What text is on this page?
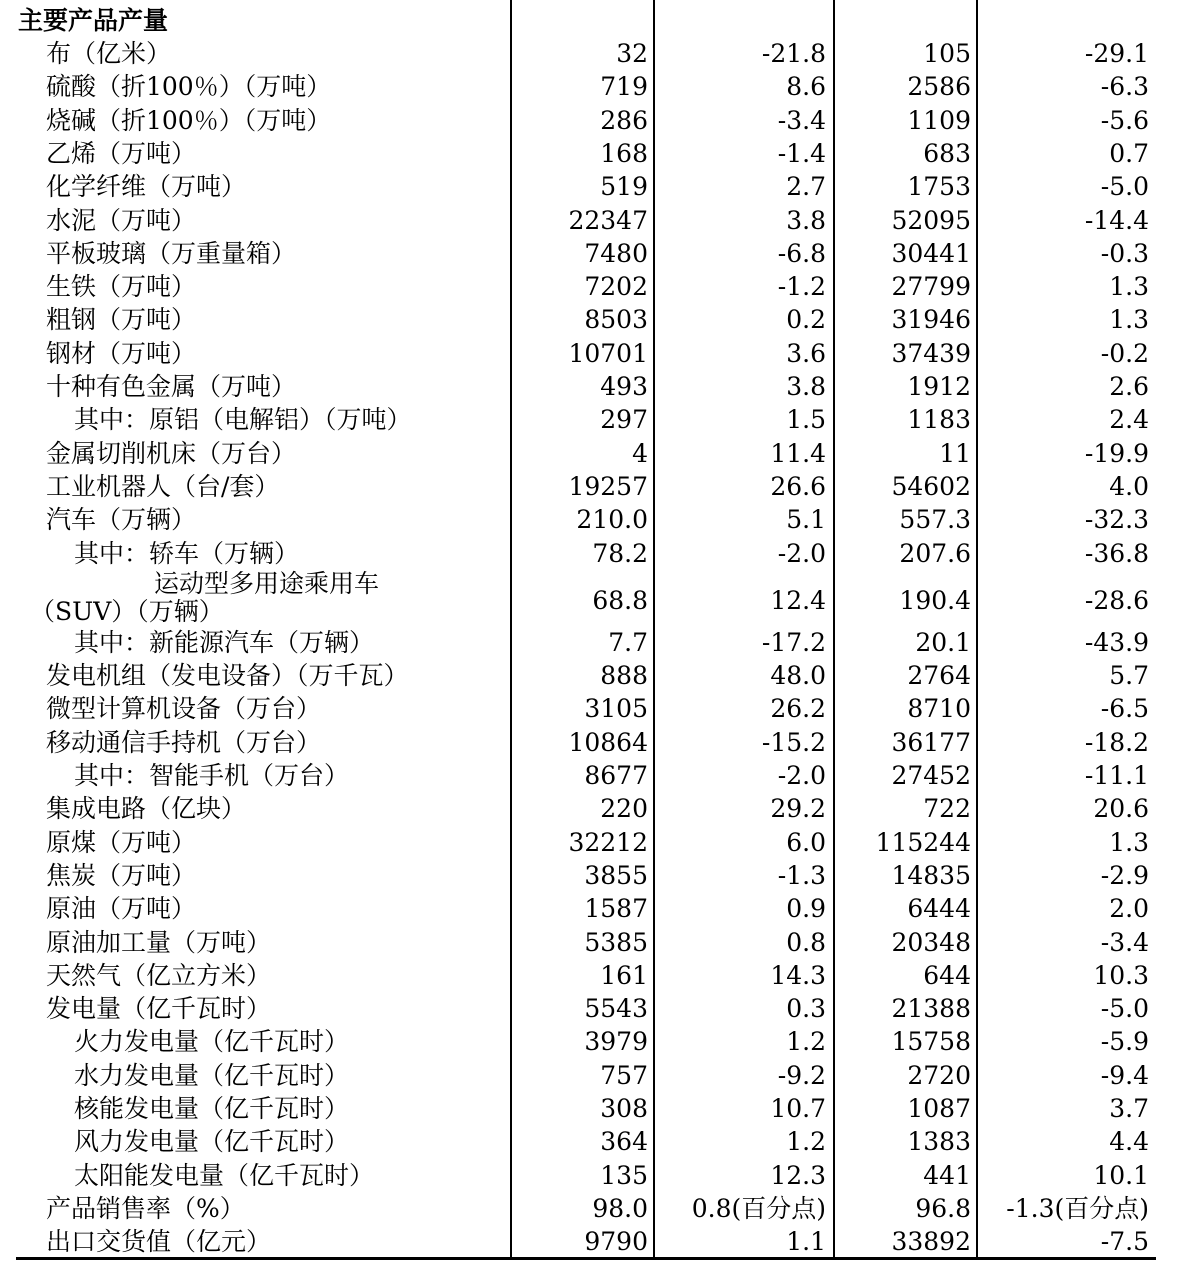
主要产品产量
布（亿米）	32	-21.8	105	-29.1
硫酸（折100％）（万吨）	719	8.6	2586	-6.3
烧碱（折100％）（万吨）	286	-3.4	1109	-5.6
乙烯（万吨）	168	-1.4	683	0.7
化学纤维（万吨）	519	2.7	1753	-5.0
水泥（万吨）	22347	3.8	52095	-14.4
平板玻璃（万重量箱）	7480	-6.8	30441	-0.3
生铁（万吨）	7202	-1.2	27799	1.3
粗钢（万吨）	8503	0.2	31946	1.3
钢材（万吨）	10701	3.6	37439	-0.2
十种有色金属（万吨）	493	3.8	1912	2.6
其中：原铝（电解铝）（万吨）	297	1.5	1183	2.4
金属切削机床（万台）	4	11.4	11	-19.9
工业机器人（台/套）	19257	26.6	54602	4.0
汽车（万辆）	210.0	5.1	557.3	-32.3
其中：轿车（万辆）	78.2	-2.0	207.6	-36.8
运动型多用途乘用车
（SUV）（万辆）	68.8	12.4	190.4	-28.6
其中：新能源汽车（万辆）	7.7	-17.2	20.1	-43.9
发电机组（发电设备）（万千瓦）	888	48.0	2764	5.7
微型计算机设备（万台）	3105	26.2	8710	-6.5
移动通信手持机（万台）	10864	-15.2	36177	-18.2
其中：智能手机（万台）	8677	-2.0	27452	-11.1
集成电路（亿块）	220	29.2	722	20.6
原煤（万吨）	32212	6.0	115244	1.3
焦炭（万吨）	3855	-1.3	14835	-2.9
原油（万吨）	1587	0.9	6444	2.0
原油加工量（万吨）	5385	0.8	20348	-3.4
天然气（亿立方米）	161	14.3	644	10.3
发电量（亿千瓦时）	5543	0.3	21388	-5.0
火力发电量（亿千瓦时）	3979	1.2	15758	-5.9
水力发电量（亿千瓦时）	757	-9.2	2720	-9.4
核能发电量（亿千瓦时）	308	10.7	1087	3.7
风力发电量（亿千瓦时）	364	1.2	1383	4.4
太阳能发电量（亿千瓦时）	135	12.3	441	10.1
产品销售率（%）	98.0	0.8(百分点)	96.8	-1.3(百分点)
出口交货值（亿元）	9790	1.1	33892	-7.5
